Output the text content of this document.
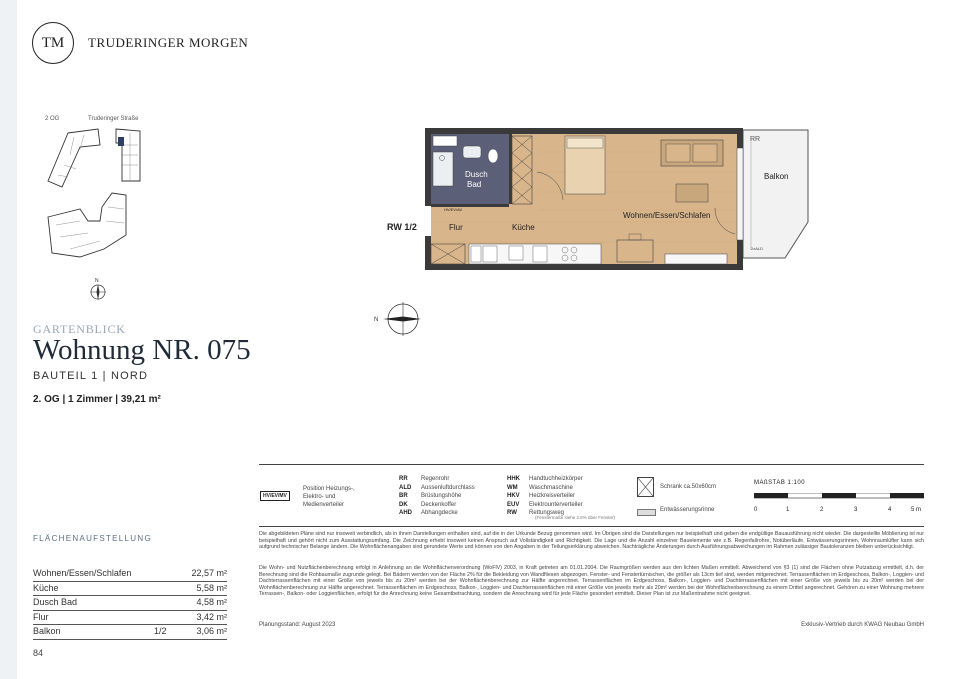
TM	TRUDERINGER MORGEN
2 OG	Truderinger Straße
N
GARTENBLICK
Wohnung NR. 075
BAUTEIL 1 | NORD
2. OG | 1 Zimmer | 39,21 m²
Dusch
Bad
HV/EV/AV
Flur	Küche
Wohnen/Essen/Schlafen
RR
Balkon
2xALD
RW 1/2
N
FLÄCHENAUFSTELLUNG
Wohnen/Essen/Schlafen	22,57 m²
Küche	5,58 m²
Dusch Bad	4,58 m²
Flur	3,42 m²
Balkon	1/2	3,06 m²
84
HV/EV/MV
Position Heizungs-, Elektro- und Medienverteiler
RR	Regenrohr
ALD	Aussenluftdurchlass
BR	Brüstungshöhe
DK	Deckenkoffer
AHD	Abhangdecke
HHK	Handtuchheizkörper
WM	Waschmaschine
HKV	Heizkreisverteiler
EUV	Elektrounterverteiler
RW	Rettungsweg
(Fenstermaße siehe 2.6% über Fenster)
Schrank ca.50x60cm
Entwässerungsrinne
MAßSTAB 1:100
0	1	2	3	4	5 m
Die abgebildeten Pläne sind nur insoweit verbindlich, als in ihnen Darstellungen enthalten sind, auf die in der Urkunde Bezug genommen wird. Im Übrigen sind die Darstellungen nur beispielhaft und geben die endgültige Bauausführung nicht wieder. Die dargestellte Möblierung ist nur beispielhaft und gehört nicht zum Ausstattungsumfang. Die Zeichnung erhebt insoweit keinen Anspruch auf Vollständigkeit und Richtigkeit. Die Lage und die Anzahl einzelner Bauelemente wie z.B. Regenfallrohre, Notüberläufe, Entwässerungsrinnen, Wohnraumlüfter kann sich aufgrund technischer Belange ändern. Die Wohnflächenangaben sind gerundete Werte und können von den Angaben in der Teilungserklärung abweichen. Nachträgliche Änderungen durch Ausführungsabweichungen im Rahmen zulässiger Bautoleranzen bleiben unberücksichtigt.
Die Wohn- und Nutzflächenberechnung erfolgt in Anlehnung an die Wohnflächenverordnung (WoFlV) 2003, in Kraft getreten am 01.01.2004. Die Raumgrößen werden aus den lichten Maßen ermittelt. Abweichend von §3 (1) sind die Flächen ohne Putzabzug ermittelt, d.h. der Berechnung sind die Rohbaumaße zugrunde gelegt. Bei Bädern werden von der Fläche 2% für die Bekleidung von Wandfliesen abgezogen. Fenster- und Fenstertürnischen, die größer als 13cm tief sind, werden mitgerechnet. Terrassenflächen im Erdgeschoss, Balkon-, Loggien- und Dachterrassenflächen mit einer Größe von jeweils bis zu 20m² werden bei der Wohnflächenberechnung zur Hälfte angerechnet. Terrassenflächen im Erdgeschoss, Balkon-, Loggien- und Dachterrassenflächen mit einer Größe von jeweils bis zu 20m² werden bei der Wohnflächenberechnung zur Hälfte angerechnet. Terrassenflächen im Erdgeschoss, Balkon-, Loggien- und Dachterrassenflächen mit einer Größe von jeweils mehr als 20m² werden bei der Wohnflächenberechnung zu einem Drittel angerechnet. Gehören zu einer Wohnung mehrere Terrassen-, Balkon- oder Loggienflächen, erfolgt für die Anrechnung keine Gesamtbetrachtung, sondern die Anrechnung wird für jede Fläche gesondert ermittelt. Dieser Plan ist zur Maßentnahme nicht geeignet.
Planungsstand: August 2023	Exklusiv-Vertrieb durch KWAG Neubau GmbH
